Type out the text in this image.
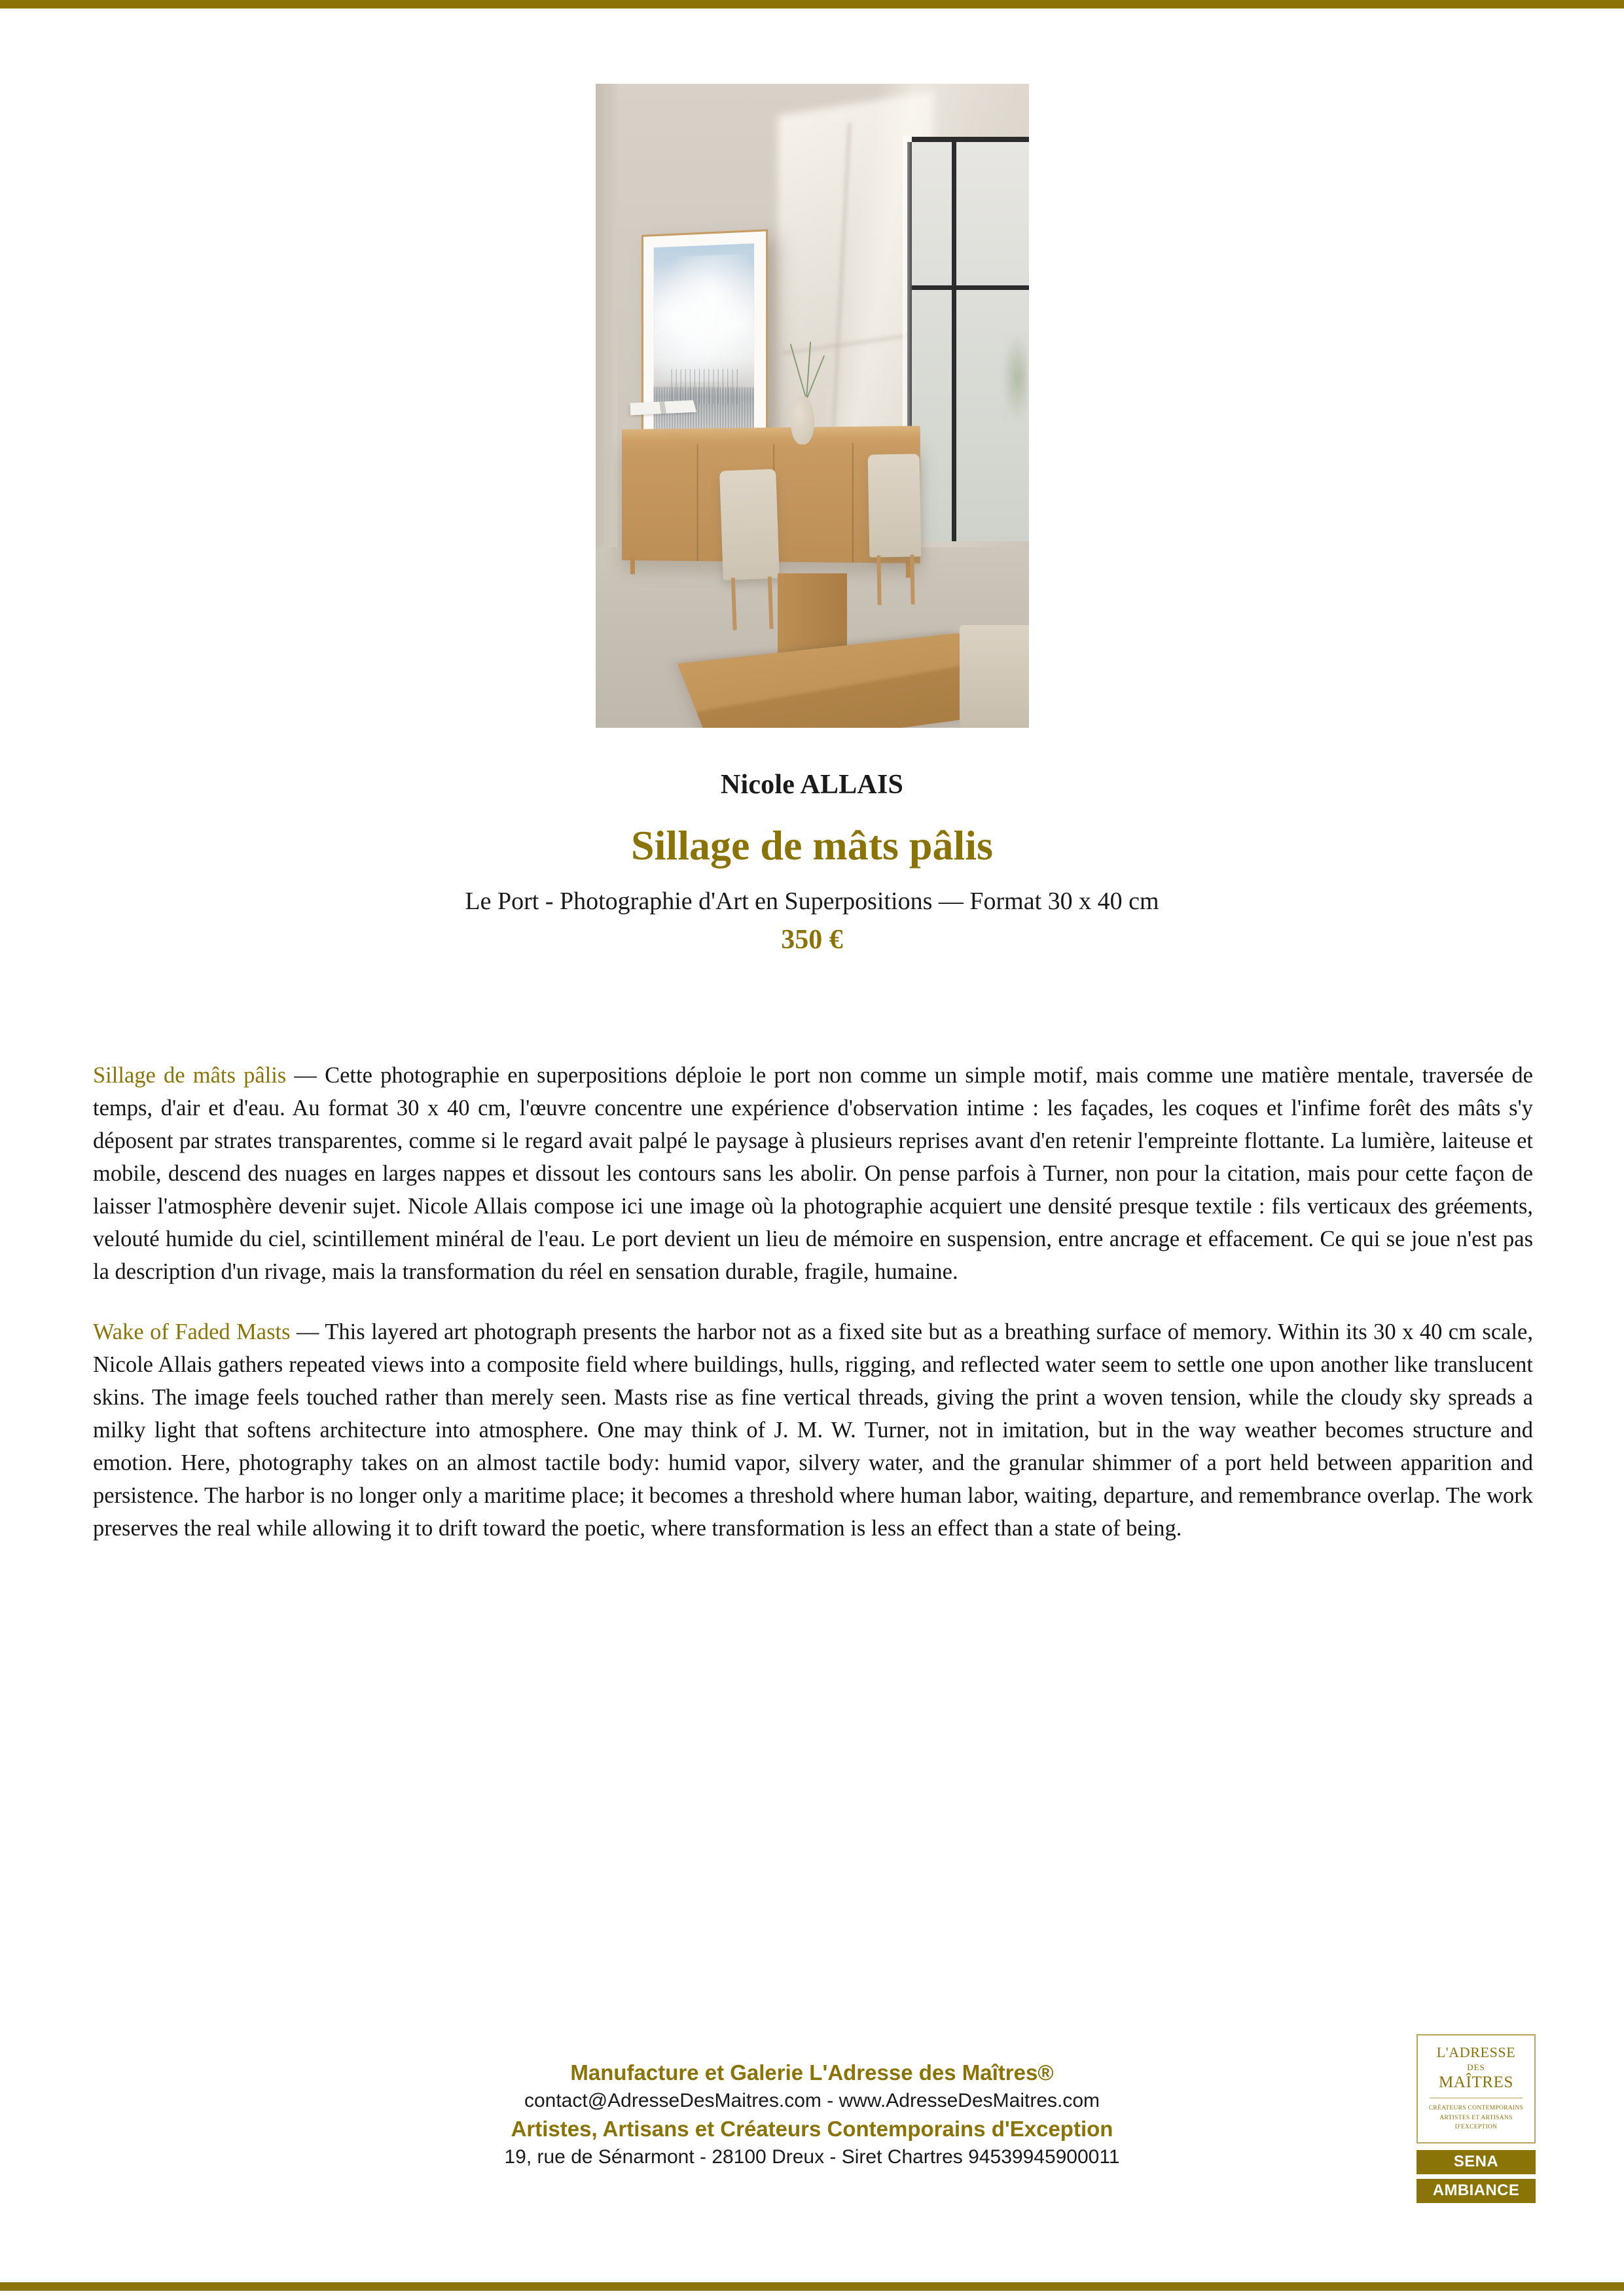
Nicole ALLAIS
Sillage de mâts pâlis
Le Port - Photographie d'Art en Superpositions — Format 30 x 40 cm
350 €

Sillage de mâts pâlis — Cette photographie en superpositions déploie le port non comme un simple motif, mais comme une matière mentale, traversée de temps, d'air et d'eau. Au format 30 x 40 cm, l'œuvre concentre une expérience d'observation intime : les façades, les coques et l'infime forêt des mâts s'y déposent par strates transparentes, comme si le regard avait palpé le paysage à plusieurs reprises avant d'en retenir l'empreinte flottante. La lumière, laiteuse et mobile, descend des nuages en larges nappes et dissout les contours sans les abolir. On pense parfois à Turner, non pour la citation, mais pour cette façon de laisser l'atmosphère devenir sujet. Nicole Allais compose ici une image où la photographie acquiert une densité presque textile : fils verticaux des gréements, velouté humide du ciel, scintillement minéral de l'eau. Le port devient un lieu de mémoire en suspension, entre ancrage et effacement. Ce qui se joue n'est pas la description d'un rivage, mais la transformation du réel en sensation durable, fragile, humaine.

Wake of Faded Masts — This layered art photograph presents the harbor not as a fixed site but as a breathing surface of memory. Within its 30 x 40 cm scale, Nicole Allais gathers repeated views into a composite field where buildings, hulls, rigging, and reflected water seem to settle one upon another like translucent skins. The image feels touched rather than merely seen. Masts rise as fine vertical threads, giving the print a woven tension, while the cloudy sky spreads a milky light that softens architecture into atmosphere. One may think of J. M. W. Turner, not in imitation, but in the way weather becomes structure and emotion. Here, photography takes on an almost tactile body: humid vapor, silvery water, and the granular shimmer of a port held between apparition and persistence. The harbor is no longer only a maritime place; it becomes a threshold where human labor, waiting, departure, and remembrance overlap. The work preserves the real while allowing it to drift toward the poetic, where transformation is less an effect than a state of being.

Manufacture et Galerie L'Adresse des Maîtres®
contact@AdresseDesMaitres.com - www.AdresseDesMaitres.com
Artistes, Artisans et Créateurs Contemporains d'Exception
19, rue de Sénarmont - 28100 Dreux - Siret Chartres 94539945900011
L'ADRESSE
DES
MAÎTRES
CRÉATEURS CONTEMPORAINS
ARTISTES ET ARTISANS
D'EXCEPTION
SENA
AMBIANCE
